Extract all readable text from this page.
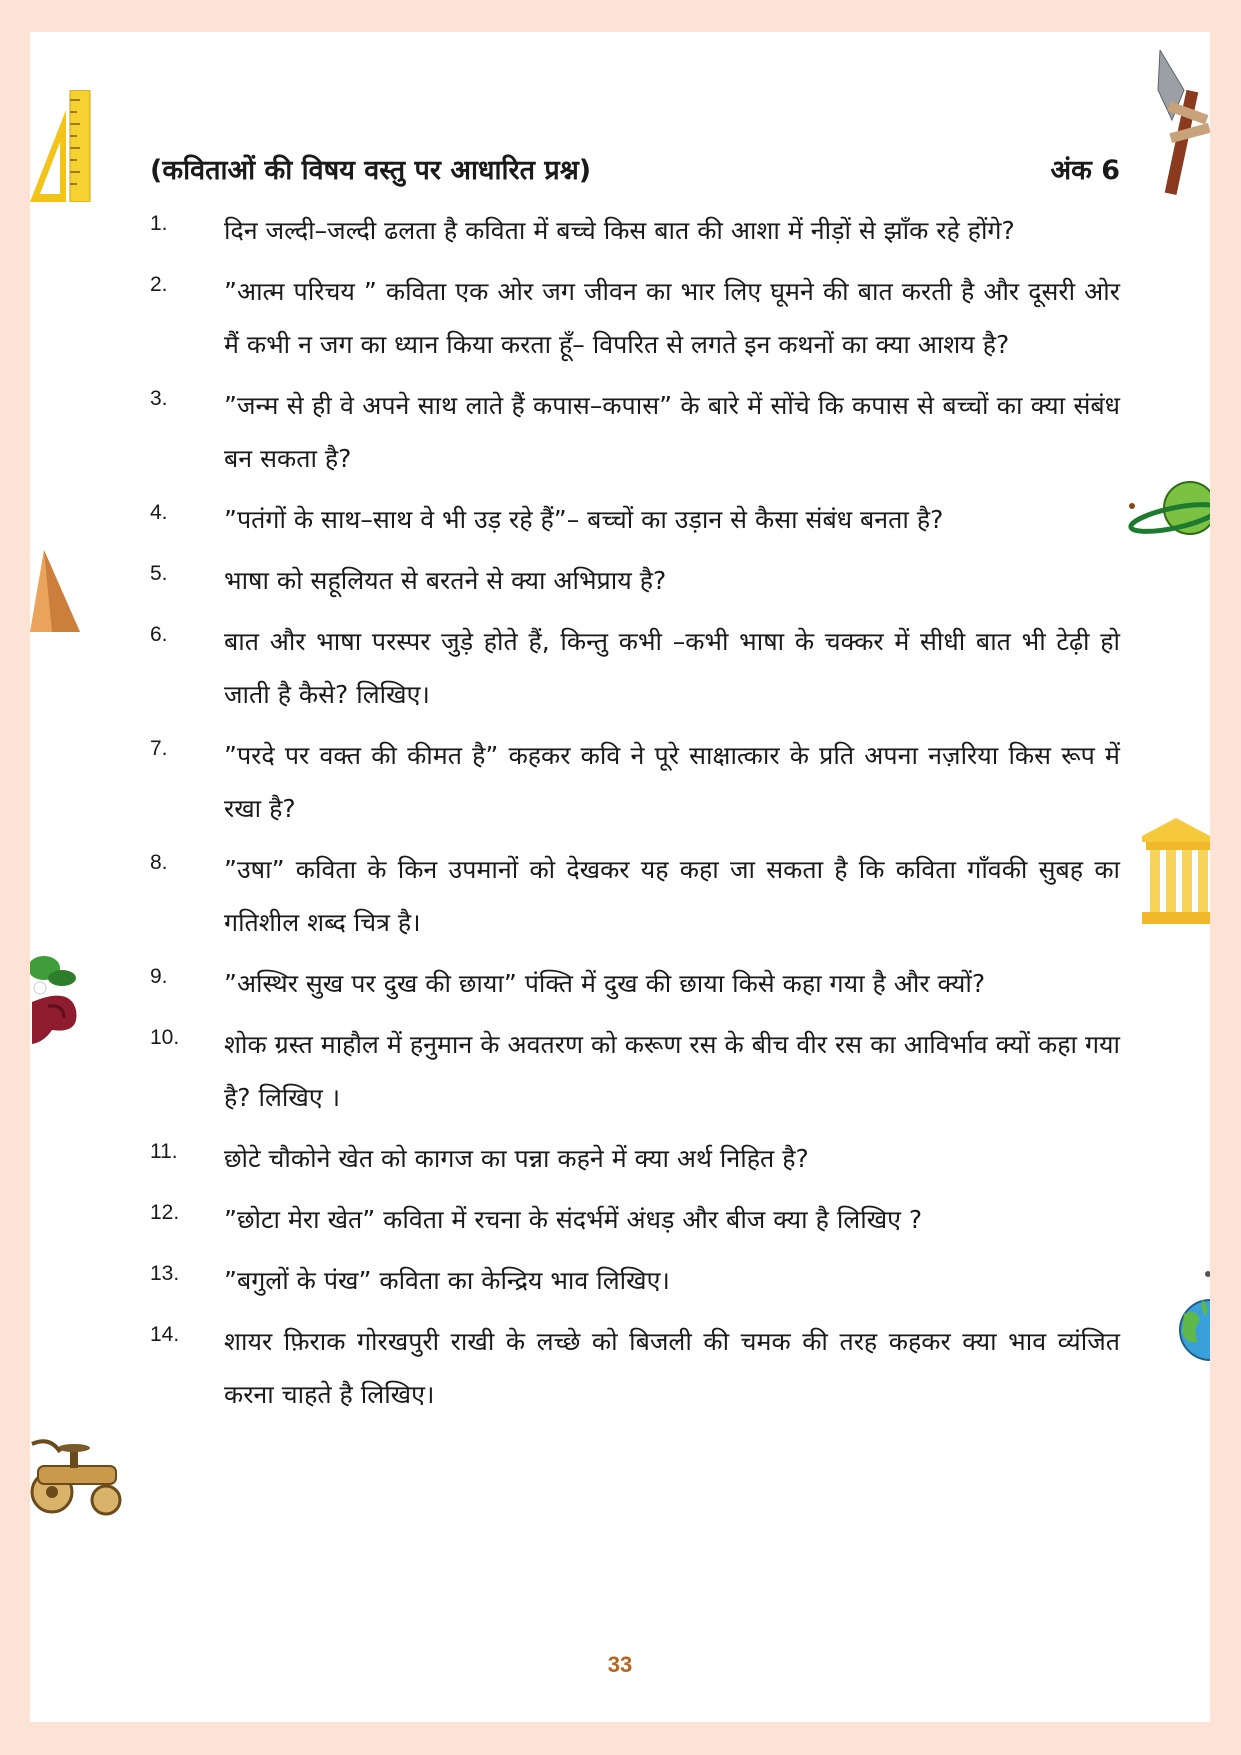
(कविताओं की विषय वस्तु पर आधारित प्रश्न)	अंक 6
1.	दिन जल्दी–जल्दी ढलता है कविता में बच्चे किस बात की आशा में नीड़ों से झाँक रहे होंगे?
2.	”आत्म परिचय ” कविता एक ओर जग जीवन का भार लिए घूमने की बात करती है और दूसरी ओर मैं कभी न जग का ध्यान किया करता हूँ– विपरित से लगते इन कथनों का क्या आशय है?
3.	”जन्म से ही वे अपने साथ लाते हैं कपास–कपास” के बारे में सोंचे कि कपास से बच्चों का क्या संबंध बन सकता है?
4.	”पतंगों के साथ–साथ वे भी उड़ रहे हैं”– बच्चों का उड़ान से कैसा संबंध बनता है?
5.	भाषा को सहूलियत से बरतने से क्या अभिप्राय है?
6.	बात और भाषा परस्पर जुड़े होते हैं, किन्तु कभी –कभी भाषा के चक्कर में सीधी बात भी टेढ़ी हो जाती है कैसे? लिखिए।
7.	”परदे पर वक्त की कीमत है” कहकर कवि ने पूरे साक्षात्कार के प्रति अपना नज़रिया किस रूप में रखा है?
8.	”उषा” कविता के किन उपमानों को देखकर यह कहा जा सकता है कि कविता गाँवकी सुबह का गतिशील शब्द चित्र है।
9.	”अस्थिर सुख पर दुख की छाया” पंक्ति में दुख की छाया किसे कहा गया है और क्यों?
10.	शोक ग्रस्त माहौल में हनुमान के अवतरण को करूण रस के बीच वीर रस का आविर्भाव क्यों कहा गया है? लिखिए ।
11.	छोटे चौकोने खेत को कागज का पन्ना कहने में क्या अर्थ निहित है?
12.	”छोटा मेरा खेत” कविता में रचना के संदर्भमें अंधड़ और बीज क्या है लिखिए ?
13.	”बगुलों के पंख” कविता का केन्द्रिय भाव लिखिए।
14.	शायर फ़िराक गोरखपुरी राखी के लच्छे को बिजली की चमक की तरह कहकर क्या भाव व्यंजित करना चाहते है लिखिए।
33
